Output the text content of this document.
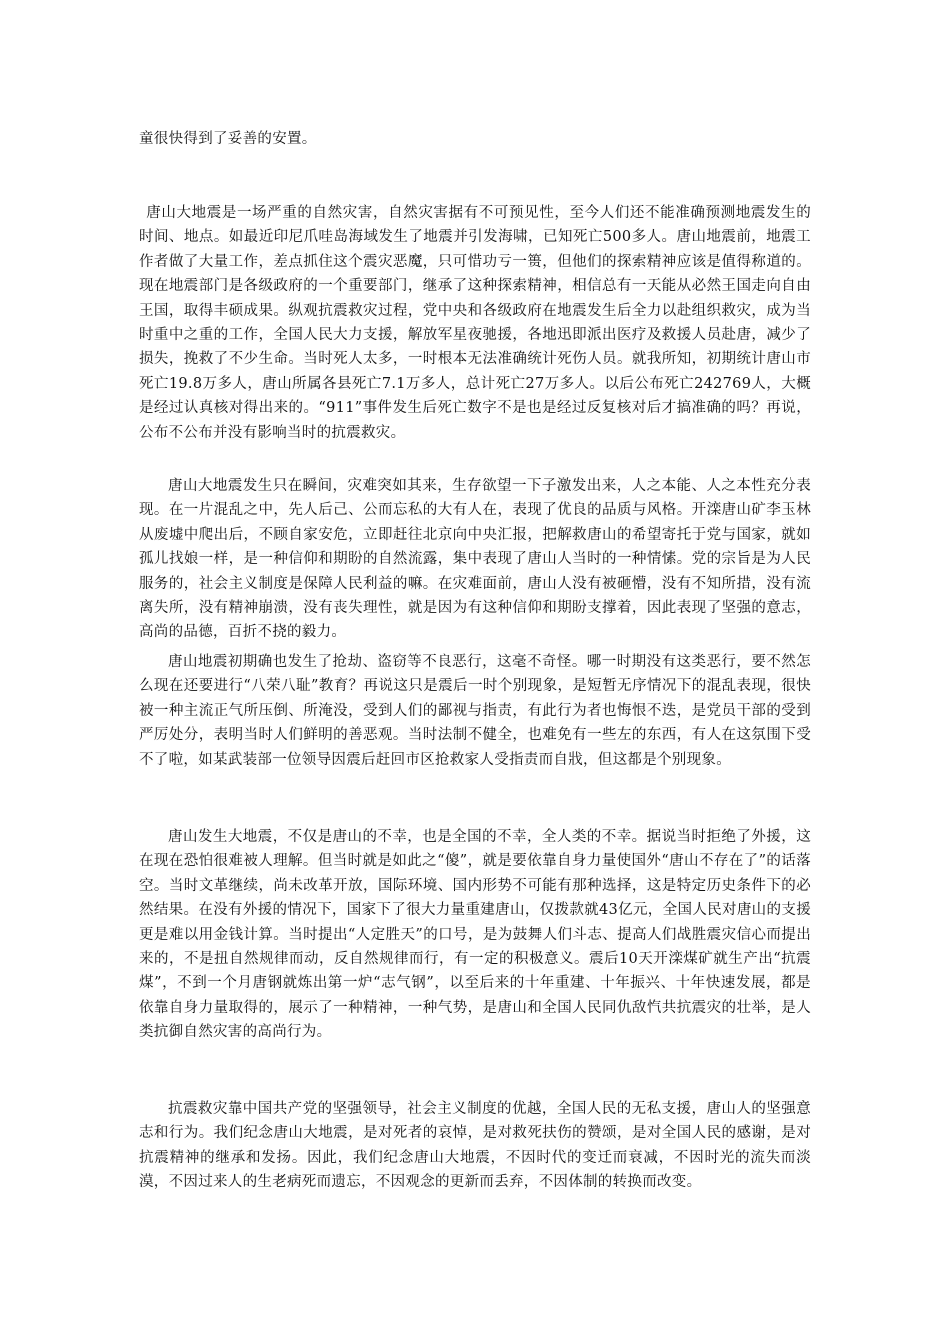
童很快得到了妥善的安置。

唐山大地震是一场严重的自然灾害，自然灾害据有不可预见性，至今人们还不能准确预测地震发生的时间、地点。如最近印尼爪哇岛海域发生了地震并引发海啸，已知死亡500多人。唐山地震前，地震工作者做了大量工作，差点抓住这个震灾恶魔，只可惜功亏一篑，但他们的探索精神应该是值得称道的。现在地震部门是各级政府的一个重要部门，继承了这种探索精神，相信总有一天能从必然王国走向自由王国，取得丰硕成果。纵观抗震救灾过程，党中央和各级政府在地震发生后全力以赴组织救灾，成为当时重中之重的工作，全国人民大力支援，解放军星夜驰援，各地迅即派出医疗及救援人员赴唐，减少了损失，挽救了不少生命。当时死人太多，一时根本无法准确统计死伤人员。就我所知，初期统计唐山市死亡19.8万多人，唐山所属各县死亡7.1万多人，总计死亡27万多人。以后公布死亡242769人，大概是经过认真核对得出来的。“911”事件发生后死亡数字不是也是经过反复核对后才搞准确的吗？再说，公布不公布并没有影响当时的抗震救灾。

唐山大地震发生只在瞬间，灾难突如其来，生存欲望一下子激发出来，人之本能、人之本性充分表现。在一片混乱之中，先人后己、公而忘私的大有人在，表现了优良的品质与风格。开滦唐山矿李玉林从废墟中爬出后，不顾自家安危，立即赶往北京向中央汇报，把解救唐山的希望寄托于党与国家，就如孤儿找娘一样，是一种信仰和期盼的自然流露，集中表现了唐山人当时的一种情愫。党的宗旨是为人民服务的，社会主义制度是保障人民利益的嘛。在灾难面前，唐山人没有被砸懵，没有不知所措，没有流离失所，没有精神崩溃，没有丧失理性，就是因为有这种信仰和期盼支撑着，因此表现了坚强的意志，高尚的品德，百折不挠的毅力。

唐山地震初期确也发生了抢劫、盗窃等不良恶行，这毫不奇怪。哪一时期没有这类恶行，要不然怎么现在还要进行“八荣八耻”教育？再说这只是震后一时个别现象，是短暂无序情况下的混乱表现，很快被一种主流正气所压倒、所淹没，受到人们的鄙视与指责，有此行为者也悔恨不迭，是党员干部的受到严厉处分，表明当时人们鲜明的善恶观。当时法制不健全，也难免有一些左的东西，有人在这氛围下受不了啦，如某武装部一位领导因震后赶回市区抢救家人受指责而自戕，但这都是个别现象。

唐山发生大地震，不仅是唐山的不幸，也是全国的不幸，全人类的不幸。据说当时拒绝了外援，这在现在恐怕很难被人理解。但当时就是如此之“傻”，就是要依靠自身力量使国外“唐山不存在了”的话落空。当时文革继续，尚未改革开放，国际环境、国内形势不可能有那种选择，这是特定历史条件下的必然结果。在没有外援的情况下，国家下了很大力量重建唐山，仅拨款就43亿元，全国人民对唐山的支援更是难以用金钱计算。当时提出“人定胜天”的口号，是为鼓舞人们斗志、提高人们战胜震灾信心而提出来的，不是扭自然规律而动，反自然规律而行，有一定的积极意义。震后10天开滦煤矿就生产出“抗震煤”，不到一个月唐钢就炼出第一炉“志气钢”，以至后来的十年重建、十年振兴、十年快速发展，都是依靠自身力量取得的，展示了一种精神，一种气势，是唐山和全国人民同仇敌忾共抗震灾的壮举，是人类抗御自然灾害的高尚行为。

抗震救灾靠中国共产党的坚强领导，社会主义制度的优越，全国人民的无私支援，唐山人的坚强意志和行为。我们纪念唐山大地震，是对死者的哀悼，是对救死扶伤的赞颂，是对全国人民的感谢，是对抗震精神的继承和发扬。因此，我们纪念唐山大地震，不因时代的变迁而衰减，不因时光的流失而淡漠，不因过来人的生老病死而遗忘，不因观念的更新而丢弃，不因体制的转换而改变。
